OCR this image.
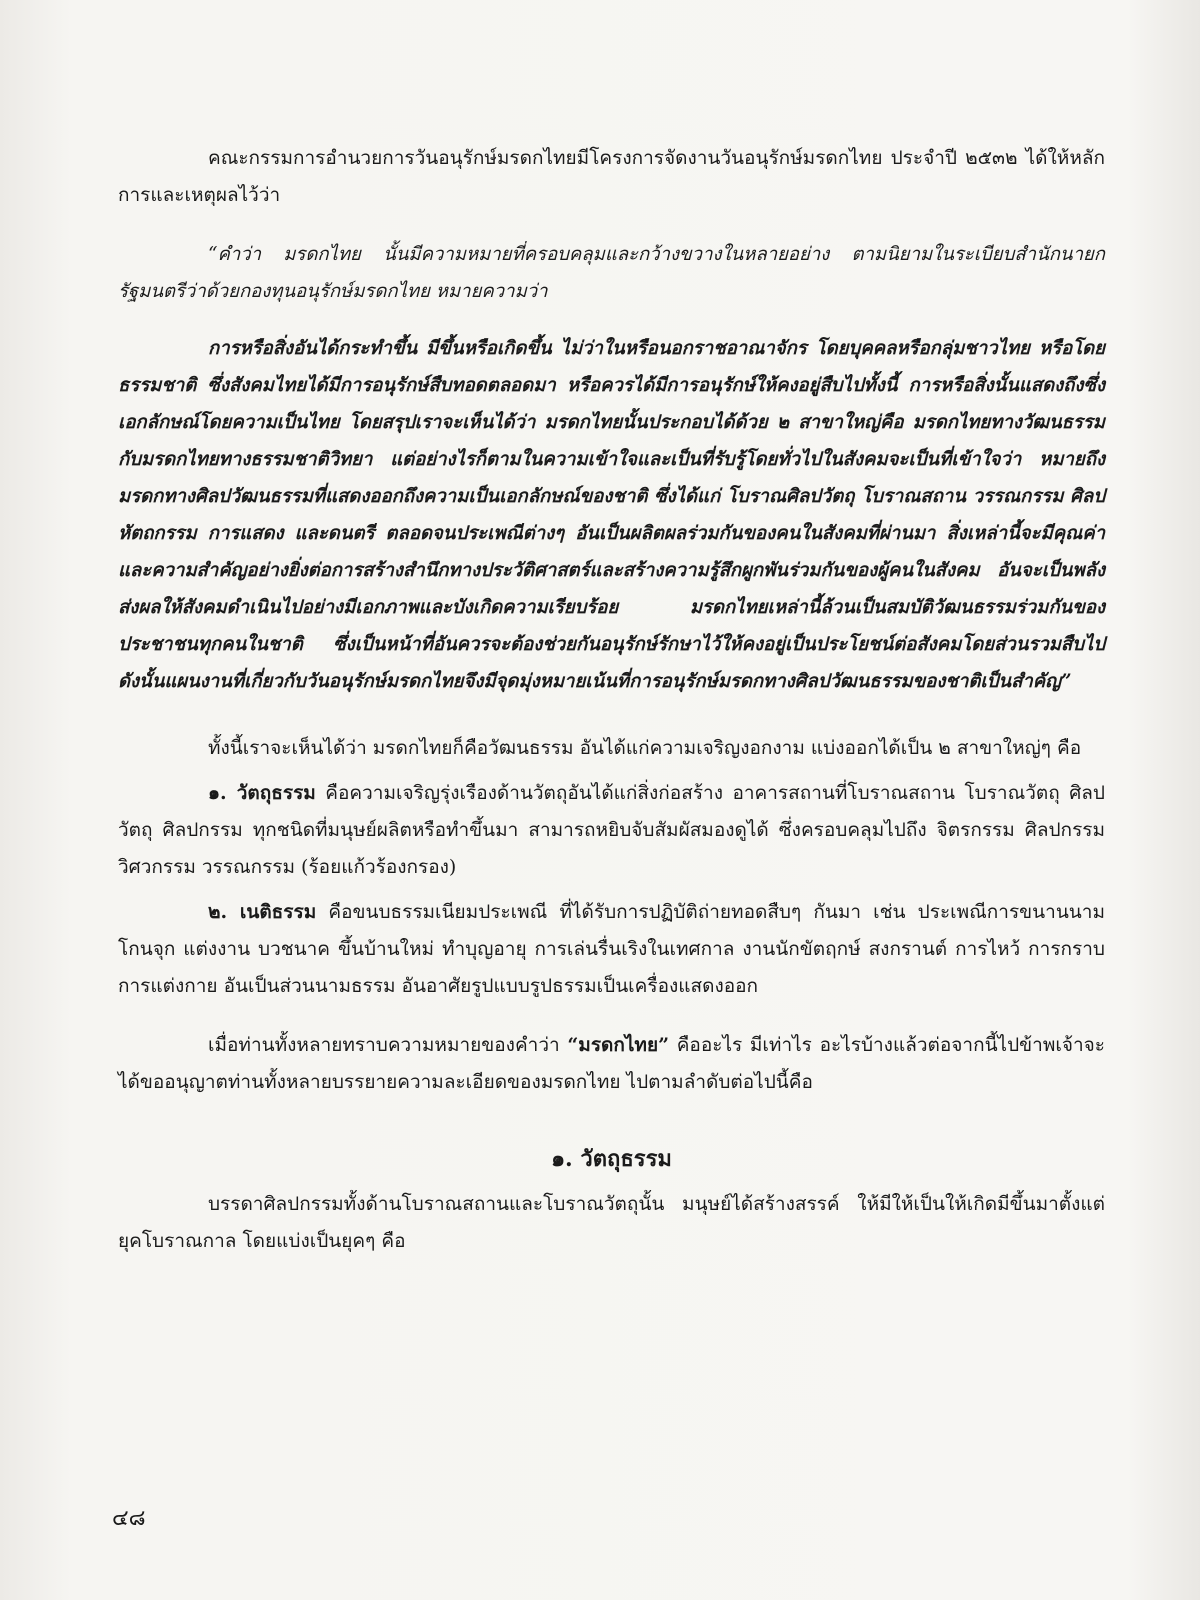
คณะกรรมการอำนวยการวันอนุรักษ์มรดกไทยมีโครงการจัดงานวันอนุรักษ์มรดกไทย ประจำปี ๒๕๓๒ ได้ให้หลักการและเหตุผลไว้ว่า

“คำว่า มรดกไทย นั้นมีความหมายที่ครอบคลุมและกว้างขวางในหลายอย่าง ตามนิยามในระเบียบสำนักนายกรัฐมนตรีว่าด้วยกองทุนอนุรักษ์มรดกไทย หมายความว่า

การหรือสิ่งอันได้กระทำขึ้น มีขึ้นหรือเกิดขึ้น ไม่ว่าในหรือนอกราชอาณาจักร โดยบุคคลหรือกลุ่มชาวไทย หรือโดยธรรมชาติ ซึ่งสังคมไทยได้มีการอนุรักษ์สืบทอดตลอดมา หรือควรได้มีการอนุรักษ์ให้คงอยู่สืบไปทั้งนี้ การหรือสิ่งนั้นแสดงถึงซึ่งเอกลักษณ์โดยความเป็นไทย โดยสรุปเราจะเห็นได้ว่า มรดกไทยนั้นประกอบได้ด้วย ๒ สาขาใหญ่คือ มรดกไทยทางวัฒนธรรม กับมรดกไทยทางธรรมชาติวิทยา แต่อย่างไรก็ตามในความเข้าใจและเป็นที่รับรู้โดยทั่วไปในสังคมจะเป็นที่เข้าใจว่า หมายถึง มรดกทางศิลปวัฒนธรรมที่แสดงออกถึงความเป็นเอกลักษณ์ของชาติ ซึ่งได้แก่ โบราณศิลปวัตถุ โบราณสถาน วรรณกรรม ศิลปหัตถกรรม การแสดง และดนตรี ตลอดจนประเพณีต่างๆ อันเป็นผลิตผลร่วมกันของคนในสังคมที่ผ่านมา สิ่งเหล่านี้จะมีคุณค่าและความสำคัญอย่างยิ่งต่อการสร้างสำนึกทางประวัติศาสตร์และสร้างความรู้สึกผูกพันร่วมกันของผู้คนในสังคม อันจะเป็นพลังส่งผลให้สังคมดำเนินไปอย่างมีเอกภาพและบังเกิดความเรียบร้อย มรดกไทยเหล่านี้ล้วนเป็นสมบัติวัฒนธรรมร่วมกันของประชาชนทุกคนในชาติ ซึ่งเป็นหน้าที่อันควรจะต้องช่วยกันอนุรักษ์รักษาไว้ให้คงอยู่เป็นประโยชน์ต่อสังคมโดยส่วนรวมสืบไป ดังนั้นแผนงานที่เกี่ยวกับวันอนุรักษ์มรดกไทยจึงมีจุดมุ่งหมายเน้นที่การอนุรักษ์มรดกทางศิลปวัฒนธรรมของชาติเป็นสำคัญ”

ทั้งนี้เราจะเห็นได้ว่า มรดกไทยก็คือวัฒนธรรม อันได้แก่ความเจริญงอกงาม แบ่งออกได้เป็น ๒ สาขาใหญ่ๆ คือ

๑. วัตถุธรรม คือความเจริญรุ่งเรืองด้านวัตถุอันได้แก่สิ่งก่อสร้าง อาคารสถานที่โบราณสถาน โบราณวัตถุ ศิลปวัตถุ ศิลปกรรม ทุกชนิดที่มนุษย์ผลิตหรือทำขึ้นมา สามารถหยิบจับสัมผัสมองดูได้ ซึ่งครอบคลุมไปถึง จิตรกรรม ศิลปกรรม วิศวกรรม วรรณกรรม (ร้อยแก้วร้องกรอง)

๒. เนติธรรม คือขนบธรรมเนียมประเพณี ที่ได้รับการปฏิบัติถ่ายทอดสืบๆ กันมา เช่น ประเพณีการขนานนาม โกนจุก แต่งงาน บวชนาค ขึ้นบ้านใหม่ ทำบุญอายุ การเล่นรื่นเริงในเทศกาล งานนักขัตฤกษ์ สงกรานต์ การไหว้ การกราบ การแต่งกาย อันเป็นส่วนนามธรรม อันอาศัยรูปแบบรูปธรรมเป็นเครื่องแสดงออก

เมื่อท่านทั้งหลายทราบความหมายของคำว่า “มรดกไทย” คืออะไร มีเท่าไร อะไรบ้างแล้วต่อจากนี้ไปข้าพเจ้าจะได้ขออนุญาตท่านทั้งหลายบรรยายความละเอียดของมรดกไทย ไปตามลำดับต่อไปนี้คือ

๑. วัตถุธรรม

บรรดาศิลปกรรมทั้งด้านโบราณสถานและโบราณวัตถุนั้น มนุษย์ได้สร้างสรรค์ ให้มีให้เป็นให้เกิดมีขึ้นมาตั้งแต่ยุคโบราณกาล โดยแบ่งเป็นยุคๆ คือ

๔๘
